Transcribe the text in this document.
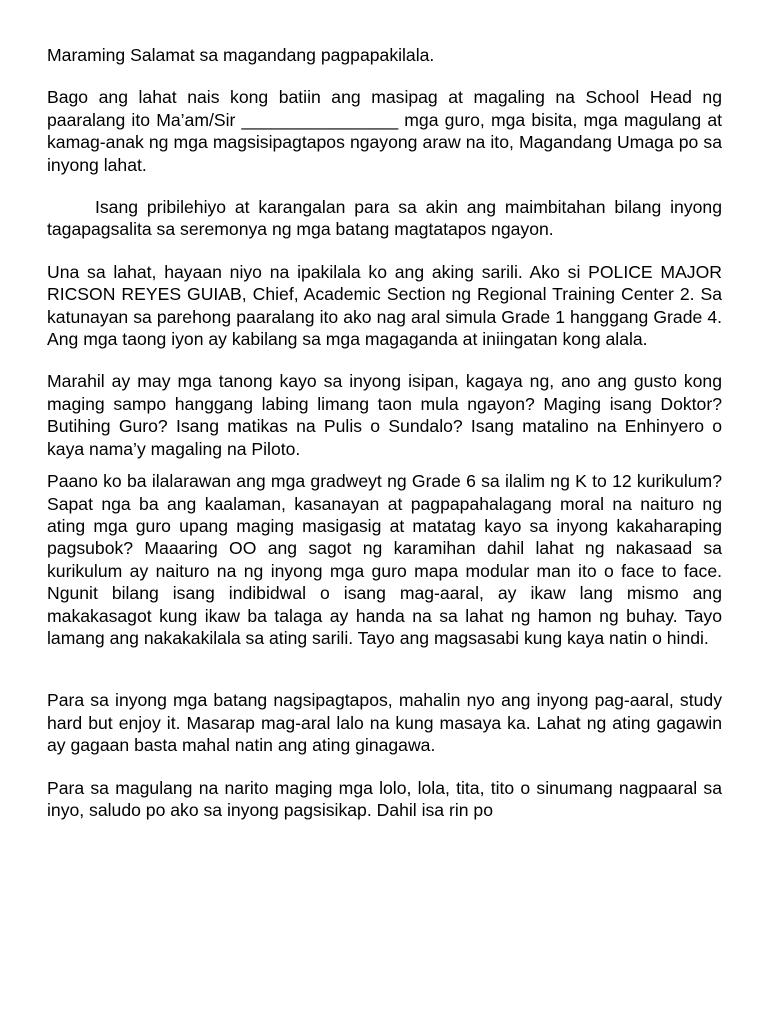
Maraming Salamat sa magandang pagpapakilala.

Bago ang lahat nais kong batiin ang masipag at magaling na School Head ng paaralang ito Ma’am/Sir ________________ mga guro, mga bisita, mga magulang at kamag-anak ng mga magsisipagtapos ngayong araw na ito, Magandang Umaga po sa inyong lahat.

Isang pribilehiyo at karangalan para sa akin ang maimbitahan bilang inyong tagapagsalita sa seremonya ng mga batang magtatapos ngayon.

Una sa lahat, hayaan niyo na ipakilala ko ang aking sarili. Ako si POLICE MAJOR RICSON REYES GUIAB, Chief, Academic Section ng Regional Training Center 2. Sa katunayan sa parehong paaralang ito ako nag aral simula Grade 1 hanggang Grade 4. Ang mga taong iyon ay kabilang sa mga magaganda at iniingatan kong alala.

Marahil ay may mga tanong kayo sa inyong isipan, kagaya ng, ano ang gusto kong maging sampo hanggang labing limang taon mula ngayon? Maging isang Doktor? Butihing Guro? Isang matikas na Pulis o Sundalo? Isang matalino na Enhinyero o kaya nama’y magaling na Piloto.

Paano ko ba ilalarawan ang mga gradweyt ng Grade 6 sa ilalim ng K to 12 kurikulum? Sapat nga ba ang kaalaman, kasanayan at pagpapahalagang moral na naituro ng ating mga guro upang maging masigasig at matatag kayo sa inyong kakaharaping pagsubok? Maaaring OO ang sagot ng karamihan dahil lahat ng nakasaad sa kurikulum ay naituro na ng inyong mga guro mapa modular man ito o face to face. Ngunit bilang isang indibidwal o isang mag-aaral, ay ikaw lang mismo ang makakasagot kung ikaw ba talaga ay handa na sa lahat ng hamon ng buhay. Tayo lamang ang nakakakilala sa ating sarili. Tayo ang magsasabi kung kaya natin o hindi.

Para sa inyong mga batang nagsipagtapos, mahalin nyo ang inyong pag-aaral, study hard but enjoy it. Masarap mag-aral lalo na kung masaya ka. Lahat ng ating gagawin ay gagaan basta mahal natin ang ating ginagawa.

Para sa magulang na narito maging mga lolo, lola, tita, tito o sinumang nagpaaral sa inyo, saludo po ako sa inyong pagsisikap. Dahil isa rin po
